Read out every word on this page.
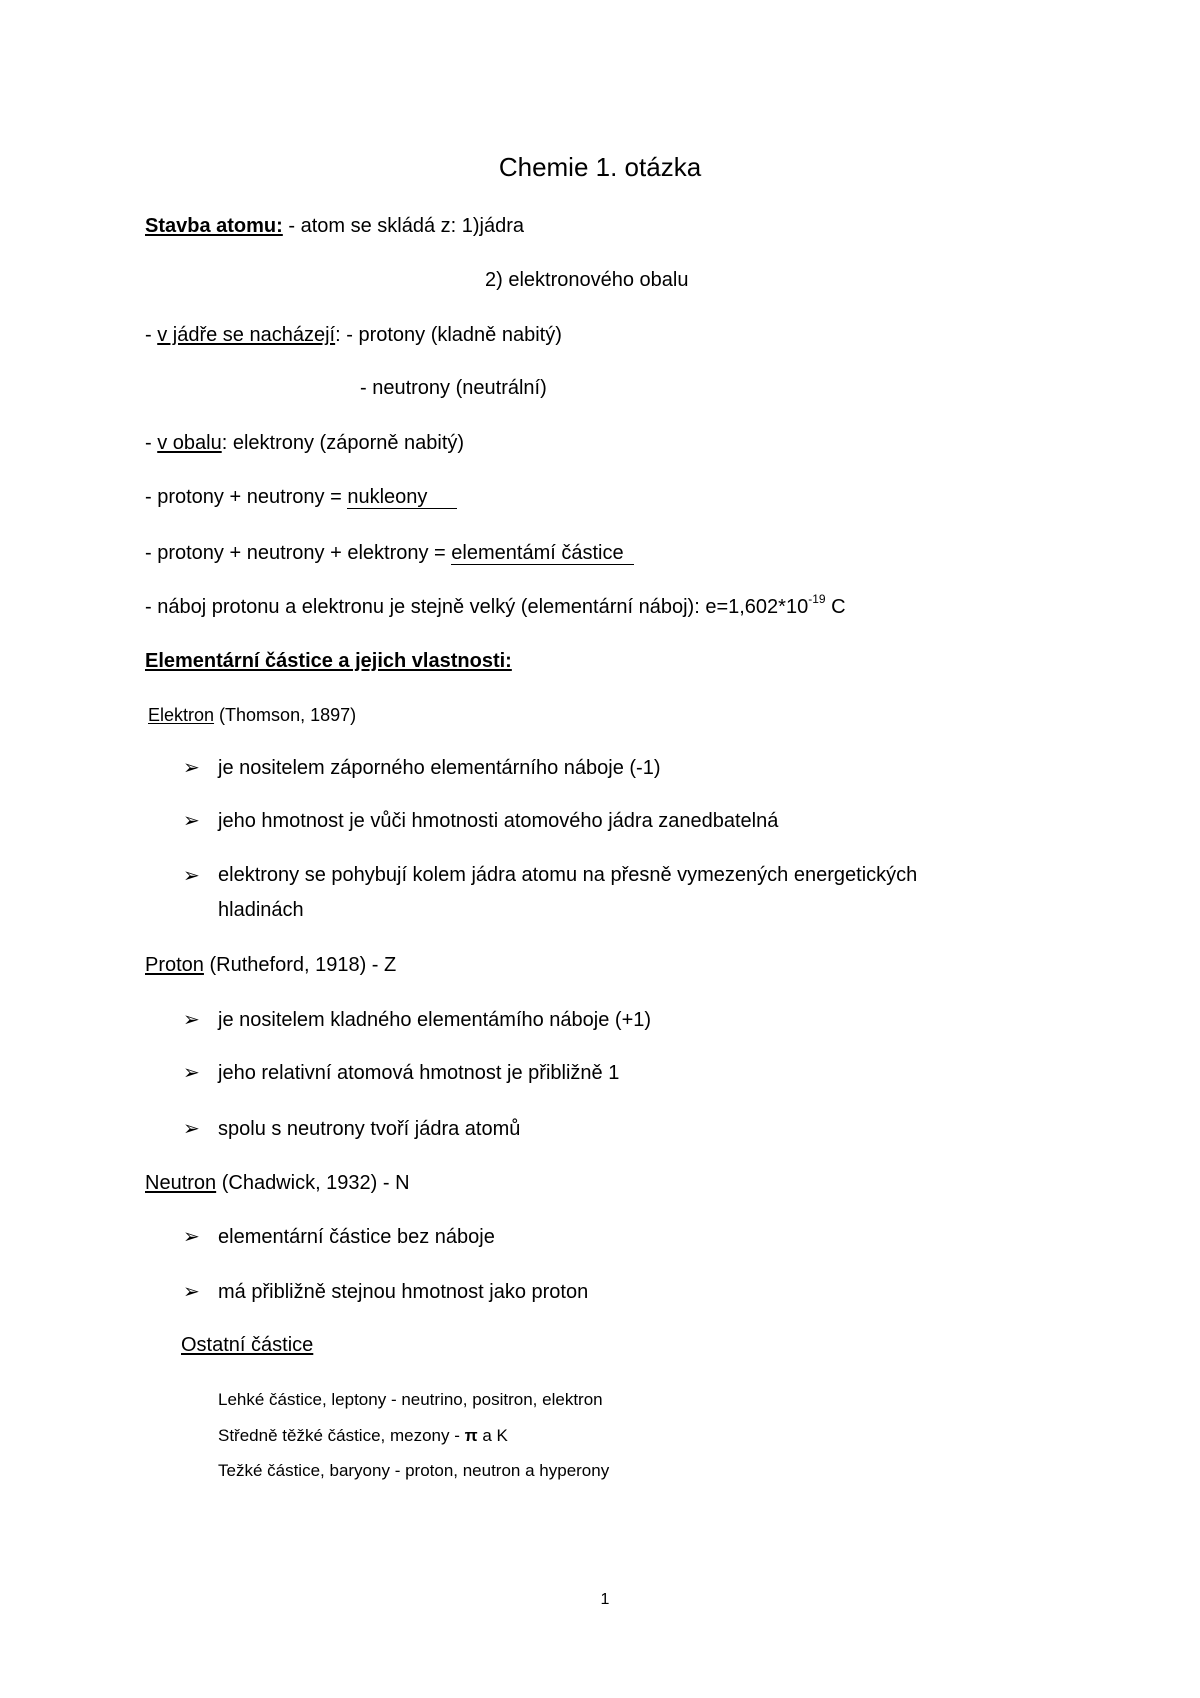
Chemie 1. otázka
Stavba atomu: - atom se skládá z: 1)jádra
2) elektronového obalu
- v jádře se nacházejí: - protony (kladně nabitý)
- neutrony (neutrální)
- v obalu: elektrony (záporně nabitý)
- protony + neutrony = nukleony
- protony + neutrony + elektrony = elementámí částice
- náboj protonu a elektronu je stejně velký (elementární náboj): $e=1,602*10^{-19}$ C
Elementární částice a jejich vlastnosti:
Elektron (Thomson, 1897)
➢
je nositelem záporného elementárního náboje (-1)
➢
jeho hmotnost je vůči hmotnosti atomového jádra zanedbatelná
➢
elektrony se pohybují kolem jádra atomu na přesně vymezených energetických hladinách
Proton (Rutheford, 1918) - Z
➢
je nositelem kladného elementámího náboje (+1)
➢
jeho relativní atomová hmotnost je přibližně 1
➢
spolu s neutrony tvoří jádra atomů
Neutron (Chadwick, 1932) - N
➢
elementární částice bez náboje
➢
má přibližně stejnou hmotnost jako proton
Ostatní částice
Lehké částice, leptony - neutrino, positron, elektron
Středně těžké částice, mezony - π a K
Težké částice, baryony - proton, neutron a hyperony
1
